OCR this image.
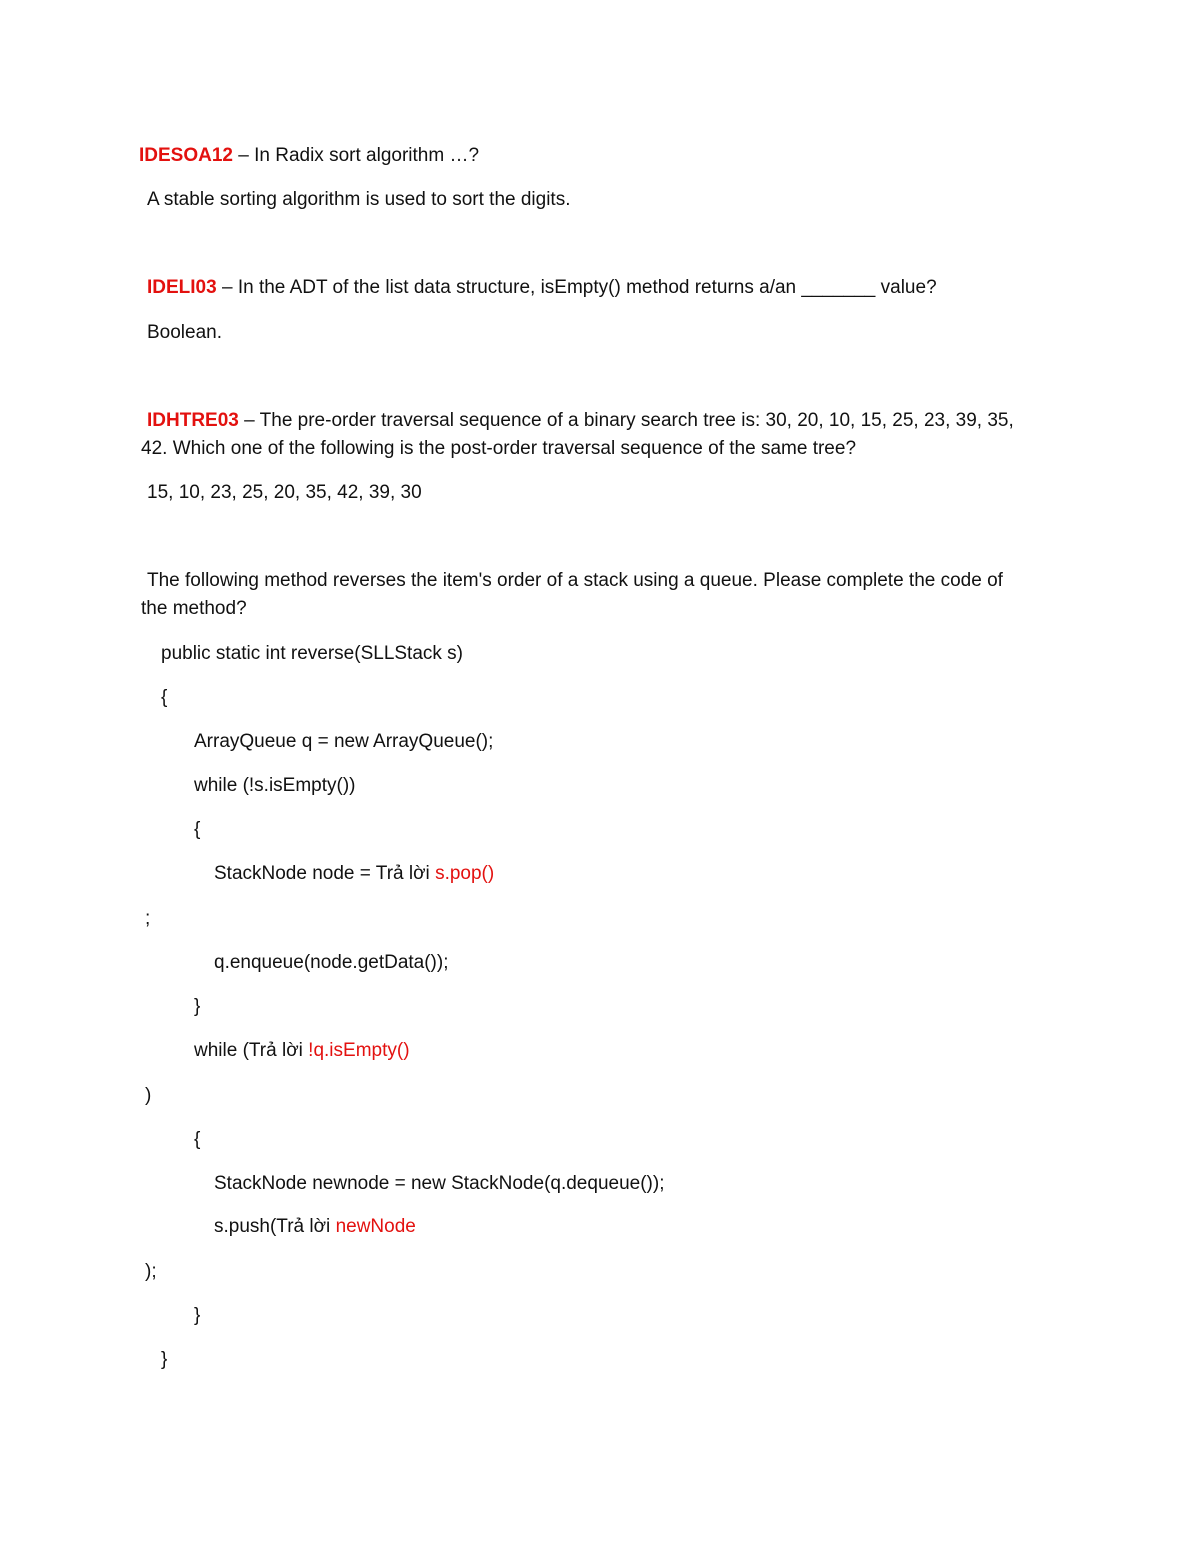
IDESOA12 – In Radix sort algorithm …?
A stable sorting algorithm is used to sort the digits.
IDELI03 – In the ADT of the list data structure, isEmpty() method returns a/an _______ value?
Boolean.
IDHTRE03 – The pre-order traversal sequence of a binary search tree is: 30, 20, 10, 15, 25, 23, 39, 35,
42. Which one of the following is the post-order traversal sequence of the same tree?
15, 10, 23, 25, 20, 35, 42, 39, 30
The following method reverses the item's order of a stack using a queue. Please complete the code of
the method?
public static int reverse(SLLStack s)
{
ArrayQueue q = new ArrayQueue();
while (!s.isEmpty())
{
StackNode node = Trả lời s.pop()
;
q.enqueue(node.getData());
}
while (Trả lời !q.isEmpty()
)
{
StackNode newnode = new StackNode(q.dequeue());
s.push(Trả lời newNode
);
}
}
